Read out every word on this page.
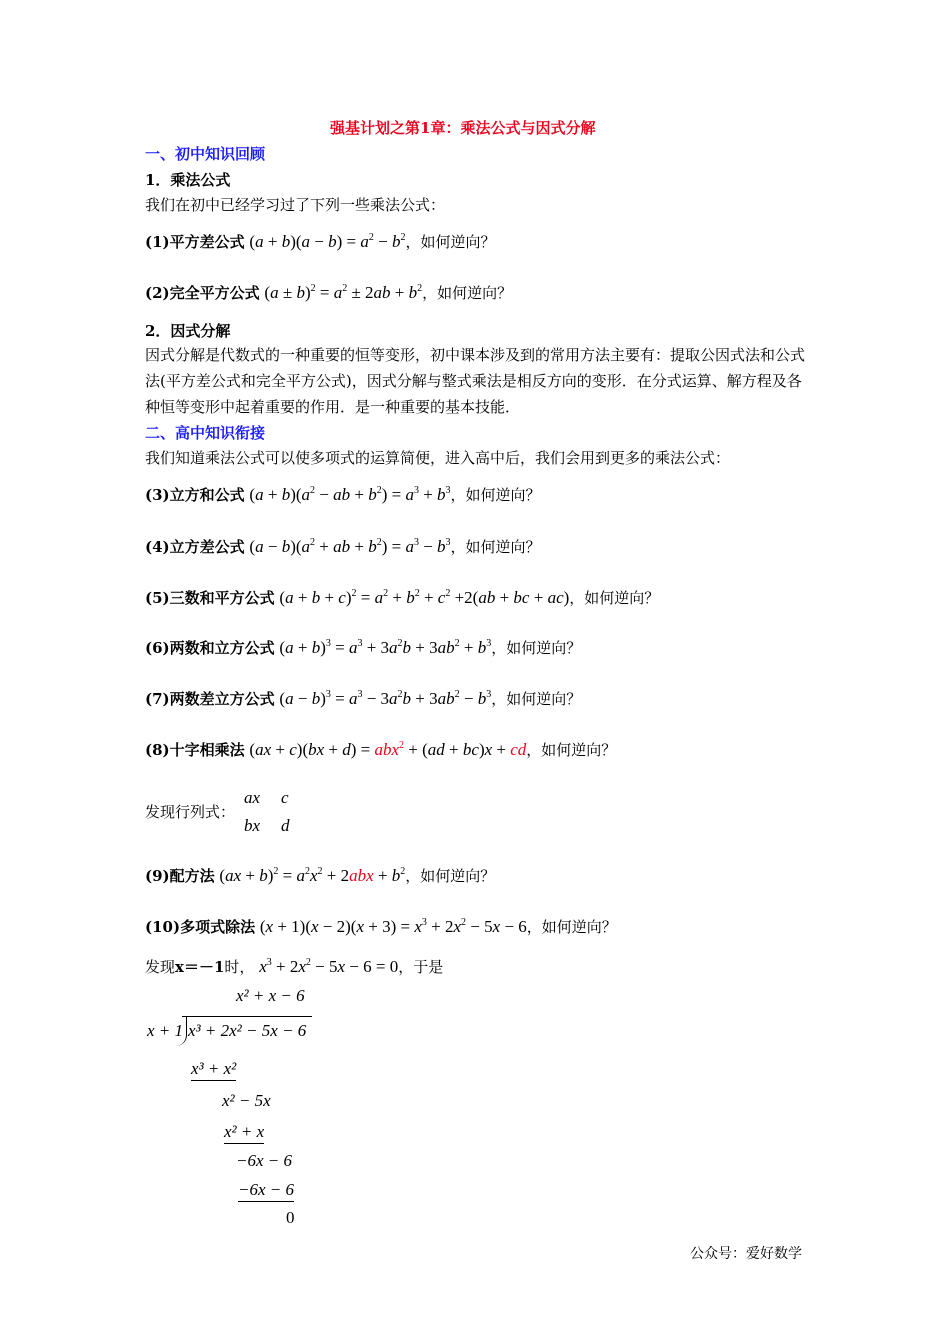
强基计划之第1章：乘法公式与因式分解
一、初中知识回顾
1．乘法公式
我们在初中已经学习过了下列一些乘法公式：
(1)平方差公式 $(a + b)(a - b) = a^2 - b^2$，如何逆向？
(2)完全平方公式 $(a \pm b)^2 = a^2 \pm 2ab + b^2$，如何逆向？
2．因式分解
因式分解是代数式的一种重要的恒等变形，初中课本涉及到的常用方法主要有：提取公因式法和公式法(平方差公式和完全平方公式)，因式分解与整式乘法是相反方向的变形．在分式运算、解方程及各种恒等变形中起着重要的作用．是一种重要的基本技能．
二、高中知识衔接
我们知道乘法公式可以使多项式的运算简便，进入高中后，我们会用到更多的乘法公式：
(3)立方和公式 $(a + b)(a^2$ − ab + $b^2) = a^3 + b^3$，如何逆向？
(4)立方差公式 $(a - b)(a^2$ + ab + $b^2) = a^3 - b^3$，如何逆向？
(5)三数和平方公式 $(a + b + c)^2 = a^2 + b^2 + c^2 +2(ab$ + bc + ac)，如何逆向？
(6)两数和立方公式 $(a + b)^3 = a^3 + 3a^2b + 3ab^2 + b^3$，如何逆向？
(7)两数差立方公式 $(a - b)^3 = a^3 - 3a^2b + 3ab^2 - b^3$，如何逆向？
(8)十字相乘法 (ax + c)(bx + d) = abx$^2$ + (ad + bc)x + cd，如何逆向？
发现行列式：
ax c
bx d
(9)配方法 $(ax + b)^2 = a^2x^2 + 2abx + b^2$，如何逆向？
(10)多项式除法 $(x + 1)(x - 2)(x + 3) = x^3 + 2x^2 - 5x - 6$，如何逆向？
发现x＝－1时， $x^3 + 2x^2 - 5x - 6 = 0$，于是
x² + x − 6
x + 1 x³ + 2x² − 5x − 6
x³ + x²
x² − 5x
x² + x
−6x − 6
−6x − 6
0
公众号：爱好数学
